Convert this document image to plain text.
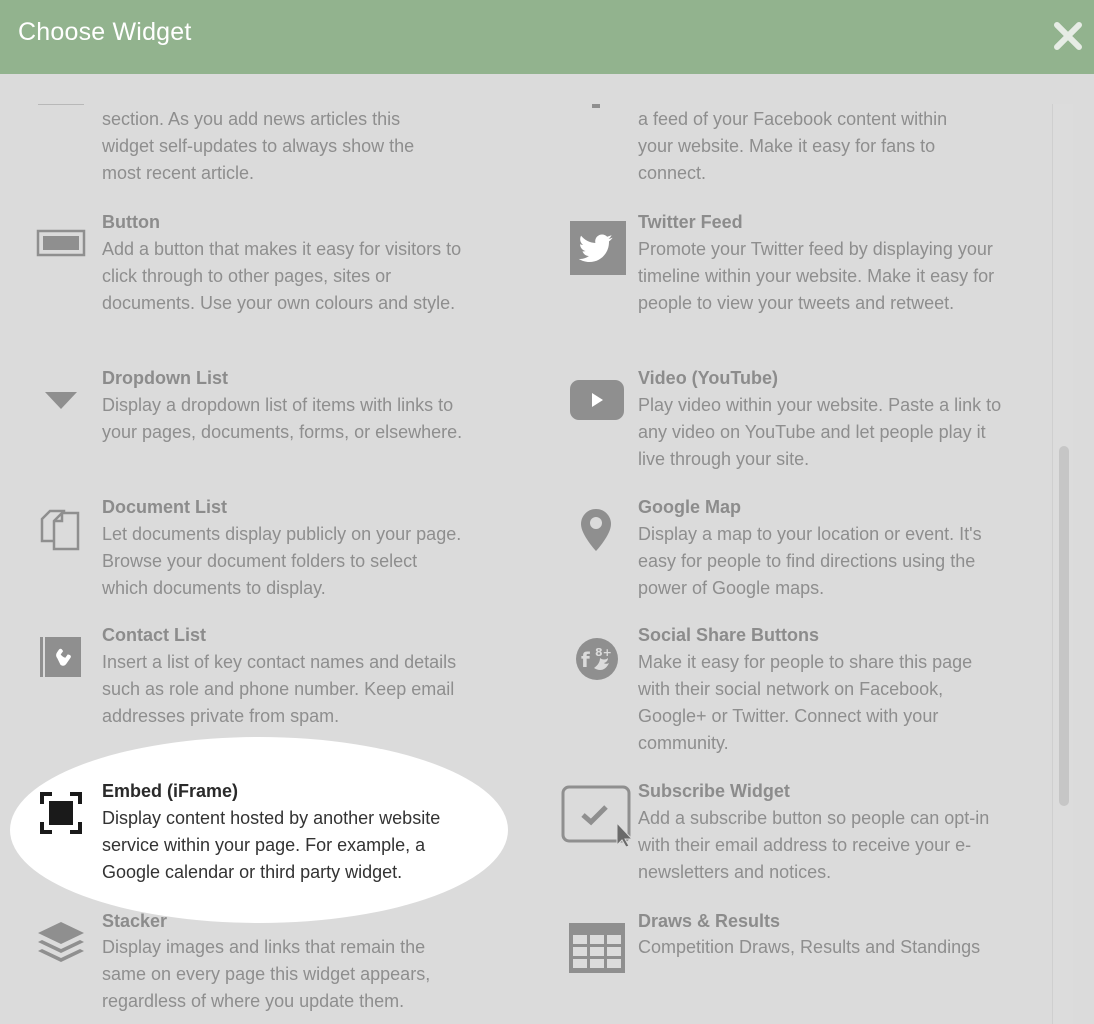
Choose Widget
section. As you add news articles this widget self-updates to always show the most recent article.
a feed of your Facebook content within your website. Make it easy for fans to connect.
Button
Add a button that makes it easy for visitors to click through to other pages, sites or documents. Use your own colours and style.
Twitter Feed
Promote your Twitter feed by displaying your timeline within your website. Make it easy for people to view your tweets and retweet.
Dropdown List
Display a dropdown list of items with links to your pages, documents, forms, or elsewhere.
Video (YouTube)
Play video within your website. Paste a link to any video on YouTube and let people play it live through your site.
Document List
Let documents display publicly on your page. Browse your document folders to select which documents to display.
Google Map
Display a map to your location or event. It's easy for people to find directions using the power of Google maps.
Contact List
Insert a list of key contact names and details such as role and phone number. Keep email addresses private from spam.
f 8+
Social Share Buttons
Make it easy for people to share this page with their social network on Facebook, Google+ or Twitter. Connect with your community.
Embed (iFrame)
Display content hosted by another website service within your page. For example, a Google calendar or third party widget.
Subscribe Widget
Add a subscribe button so people can opt-in with their email address to receive your e-newsletters and notices.
Stacker
Display images and links that remain the same on every page this widget appears, regardless of where you update them.
Draws & Results
Competition Draws, Results and Standings
